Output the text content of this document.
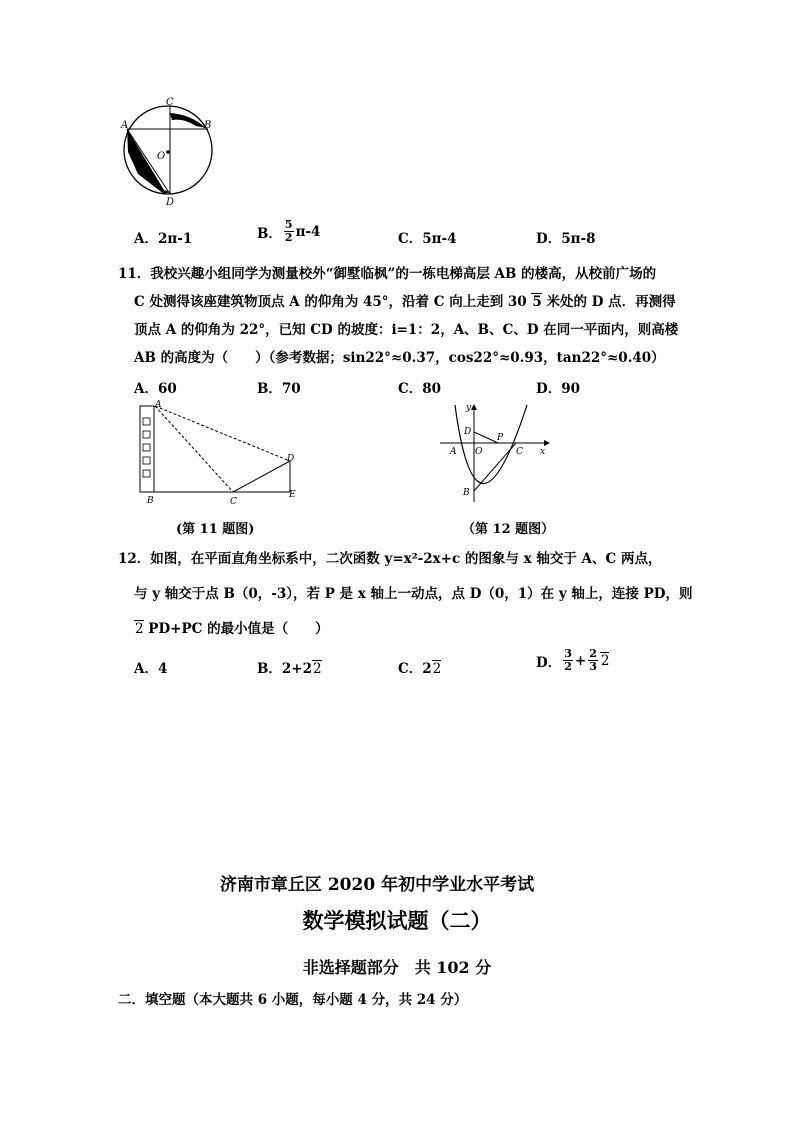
A	B
C
D
O
A．2π-1	B． $\frac{5}{2} \pi-4$	C．5π-4	D．5π-8
11．我校兴趣小组同学为测量校外“御墅临枫”的一栋电梯高层 AB 的楼高，从校前广场的
C 处测得该座建筑物顶点 A 的仰角为 45°，沿着 C 向上走到 30 5 米处的 D 点．再测得
顶点 A 的仰角为 22°，已知 CD 的坡度：i=1：2，A、B、C、D 在同一平面内，则高楼
AB 的高度为（　　）（参考数据；sin22°≈0.37，cos22°≈0.93，tan22°≈0.40）
A．60	B．70	C．80	D．90
A
B	C
D
E
(第 11 题图)
y
x
D
P
A O	C
B
（第 12 题图）
12．如图，在平面直角坐标系中，二次函数 y=x²-2x+c 的图象与 x 轴交于 A、C 两点，
与 y 轴交于点 B（0，-3），若 P 是 x 轴上一动点，点 D（0，1）在 y 轴上，连接 PD，则
2 PD+PC 的最小值是（　　）
A．4	B．2+22	C．22	D． $\frac{3}{2} + \frac{2}{3} 2$
济南市章丘区 2020 年初中学业水平考试
数学模拟试题（二）
非选择题部分　共 102 分
二．填空题（本大题共 6 小题，每小题 4 分，共 24 分）
